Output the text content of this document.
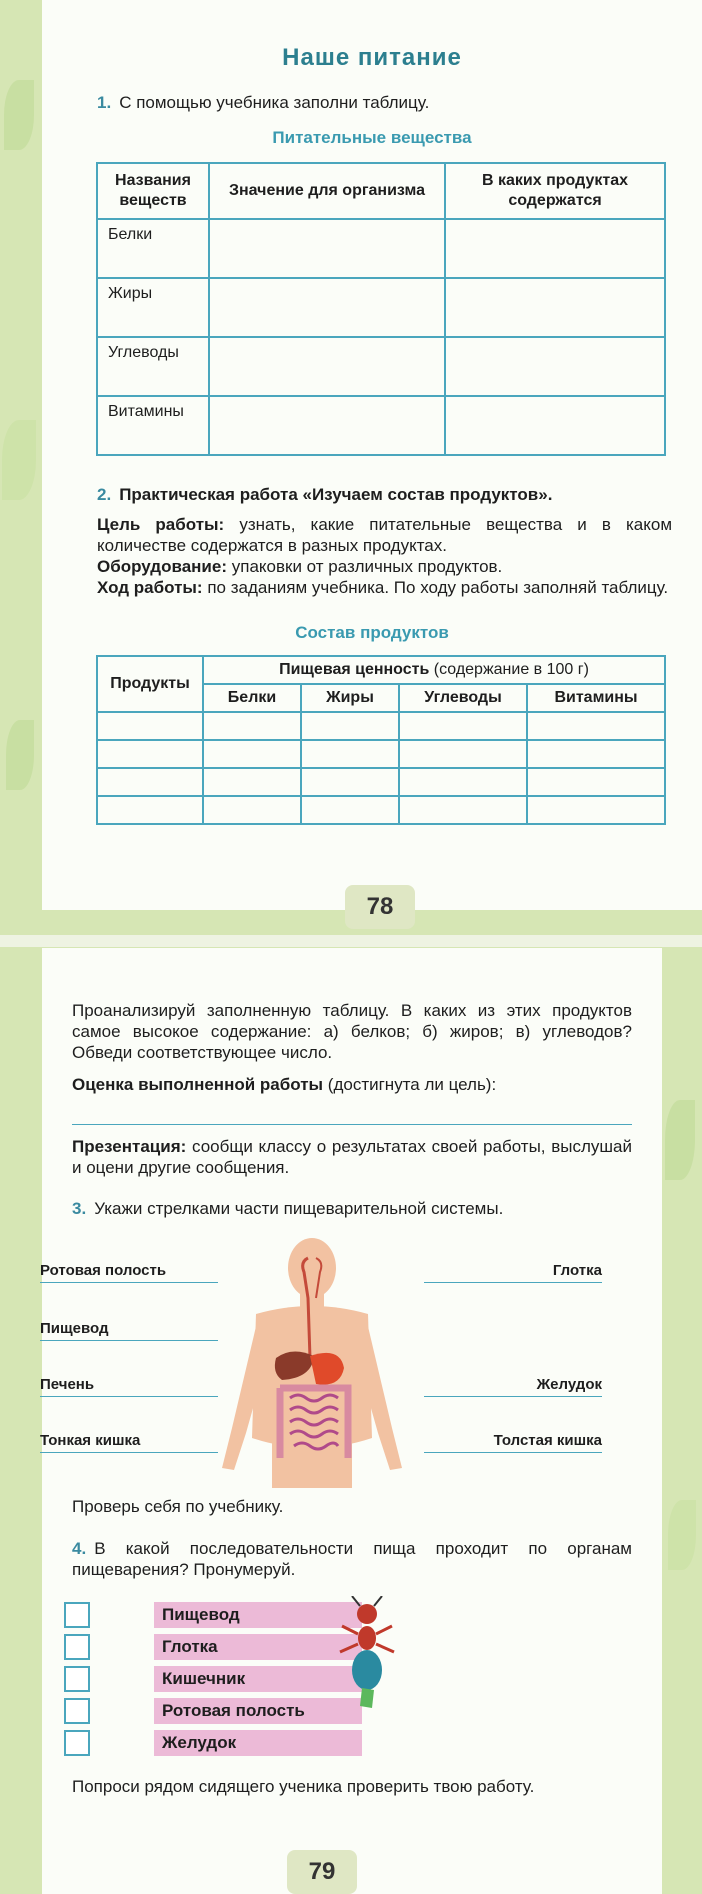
Наше питание
1. С помощью учебника заполни таблицу.
Питательные вещества
Названия веществ	Значение для организма	В каких продуктах содержатся
Белки		
Жиры		
Углеводы		
Витамины		
2. Практическая работа «Изучаем состав продуктов».
Цель работы: узнать, какие питательные вещества и в каком количестве содержатся в разных продуктах.
Оборудование: упаковки от различных продуктов.
Ход работы: по заданиям учебника. По ходу работы заполняй таблицу.
Состав продуктов
Продукты	Пищевая ценность (содержание в 100 г)			
	Белки	Жиры	Углеводы	Витамины

78
Проанализируй заполненную таблицу. В каких из этих продуктов самое высокое содержание: а) белков; б) жиров; в) углеводов? Обведи соответствующее число.
Оценка выполненной работы (достигнута ли цель):
Презентация: сообщи классу о результатах своей работы, выслушай и оцени другие сообщения.
3. Укажи стрелками части пищеварительной системы.
Ротовая полость
Пищевод
Печень
Тонкая кишка
Глотка
Желудок
Толстая кишка
Проверь себя по учебнику.
4. В какой последовательности пища проходит по органам пищеварения? Пронумеруй.
Пищевод
Глотка
Кишечник
Ротовая полость
Желудок
Попроси рядом сидящего ученика проверить твою работу.
79
